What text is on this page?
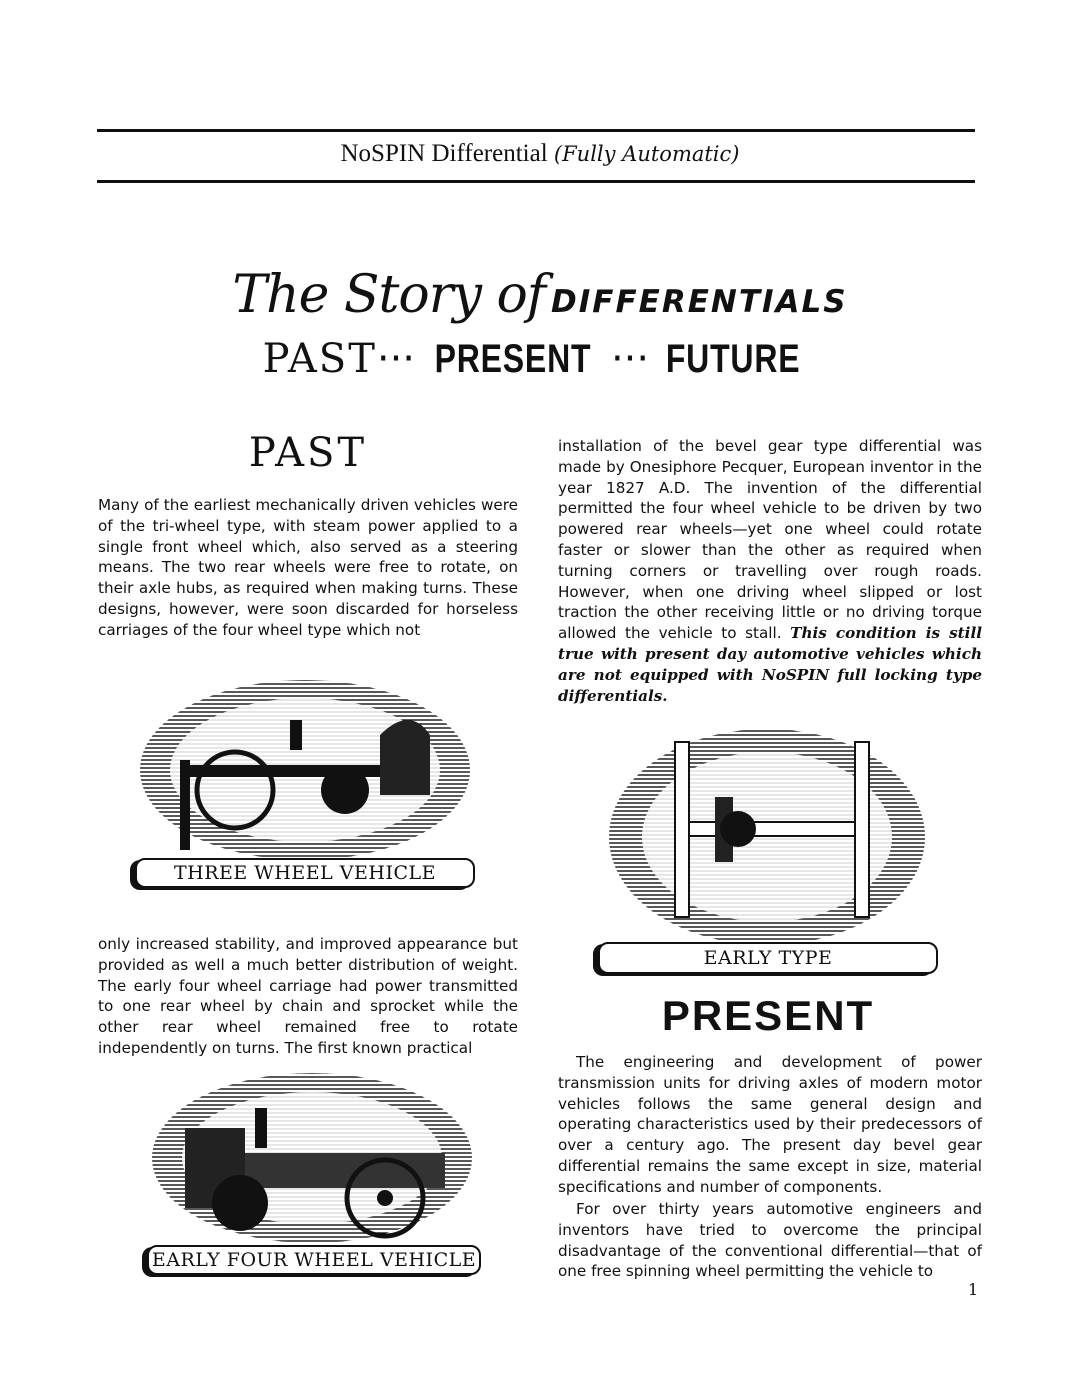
NoSPIN Differential (Fully Automatic)
The Story of DIFFERENTIALS
PAST··· PRESENT ··· FUTURE
PAST

Many of the earliest mechanically driven vehicles were of the tri-wheel type, with steam power applied to a single front wheel which, also served as a steering means. The two rear wheels were free to rotate, on their axle hubs, as required when making turns. These designs, however, were soon discarded for horseless carriages of the four wheel type which not

THREE WHEEL VEHICLE

only increased stability, and improved appearance but provided as well a much better distribution of weight. The early four wheel carriage had power transmitted to one rear wheel by chain and sprocket while the other rear wheel remained free to rotate independently on turns. The first known practical

EARLY FOUR WHEEL VEHICLE

installation of the bevel gear type differential was made by Onesiphore Pecquer, European inventor in the year 1827 A.D. The invention of the differential permitted the four wheel vehicle to be driven by two powered rear wheels—yet one wheel could rotate faster or slower than the other as required when turning corners or travelling over rough roads. However, when one driving wheel slipped or lost traction the other receiving little or no driving torque allowed the vehicle to stall. This condition is still true with present day automotive vehicles which are not equipped with NoSPIN full locking type differentials.

EARLY TYPE
PRESENT

The engineering and development of power transmission units for driving axles of modern motor vehicles follows the same general design and operating characteristics used by their predecessors of over a century ago. The present day bevel gear differential remains the same except in size, material specifications and number of components.

For over thirty years automotive engineers and inventors have tried to overcome the principal disadvantage of the conventional differential—that of one free spinning wheel permitting the vehicle to

1
